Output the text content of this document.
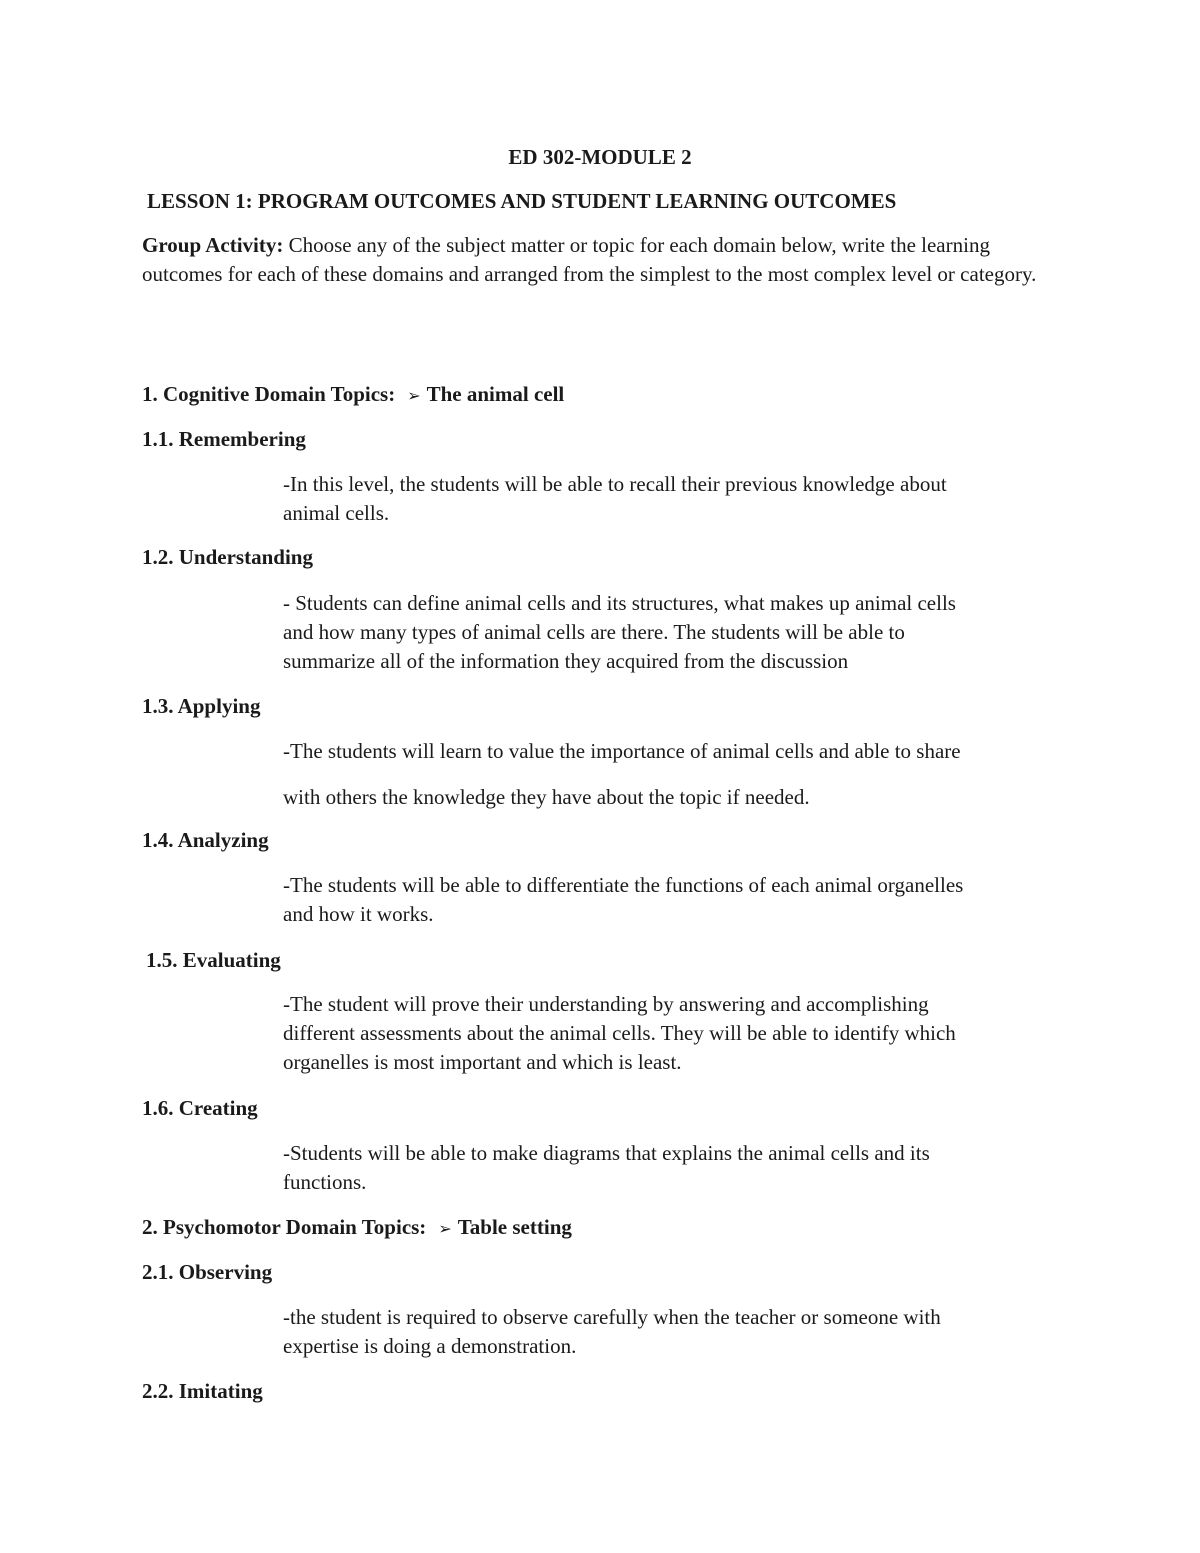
ED 302-MODULE 2

LESSON 1: PROGRAM OUTCOMES AND STUDENT LEARNING OUTCOMES

Group Activity: Choose any of the subject matter or topic for each domain below, write the learning outcomes for each of these domains and arranged from the simplest to the most complex level or category.

1. Cognitive Domain Topics: ➢ The animal cell

1.1. Remembering

-In this level, the students will be able to recall their previous knowledge about

animal cells.

1.2. Understanding

- Students can define animal cells and its structures, what makes up animal cells

and how many types of animal cells are there. The students will be able to

summarize all of the information they acquired from the discussion

1.3. Applying

-The students will learn to value the importance of animal cells and able to share

with others the knowledge they have about the topic if needed.

1.4. Analyzing

-The students will be able to differentiate the functions of each animal organelles

and how it works.

1.5. Evaluating

-The student will prove their understanding by answering and accomplishing

different assessments about the animal cells. They will be able to identify which

organelles is most important and which is least.

1.6. Creating

-Students will be able to make diagrams that explains the animal cells and its

functions.

2. Psychomotor Domain Topics: ➢ Table setting

2.1. Observing

-the student is required to observe carefully when the teacher or someone with

expertise is doing a demonstration.

2.2. Imitating
